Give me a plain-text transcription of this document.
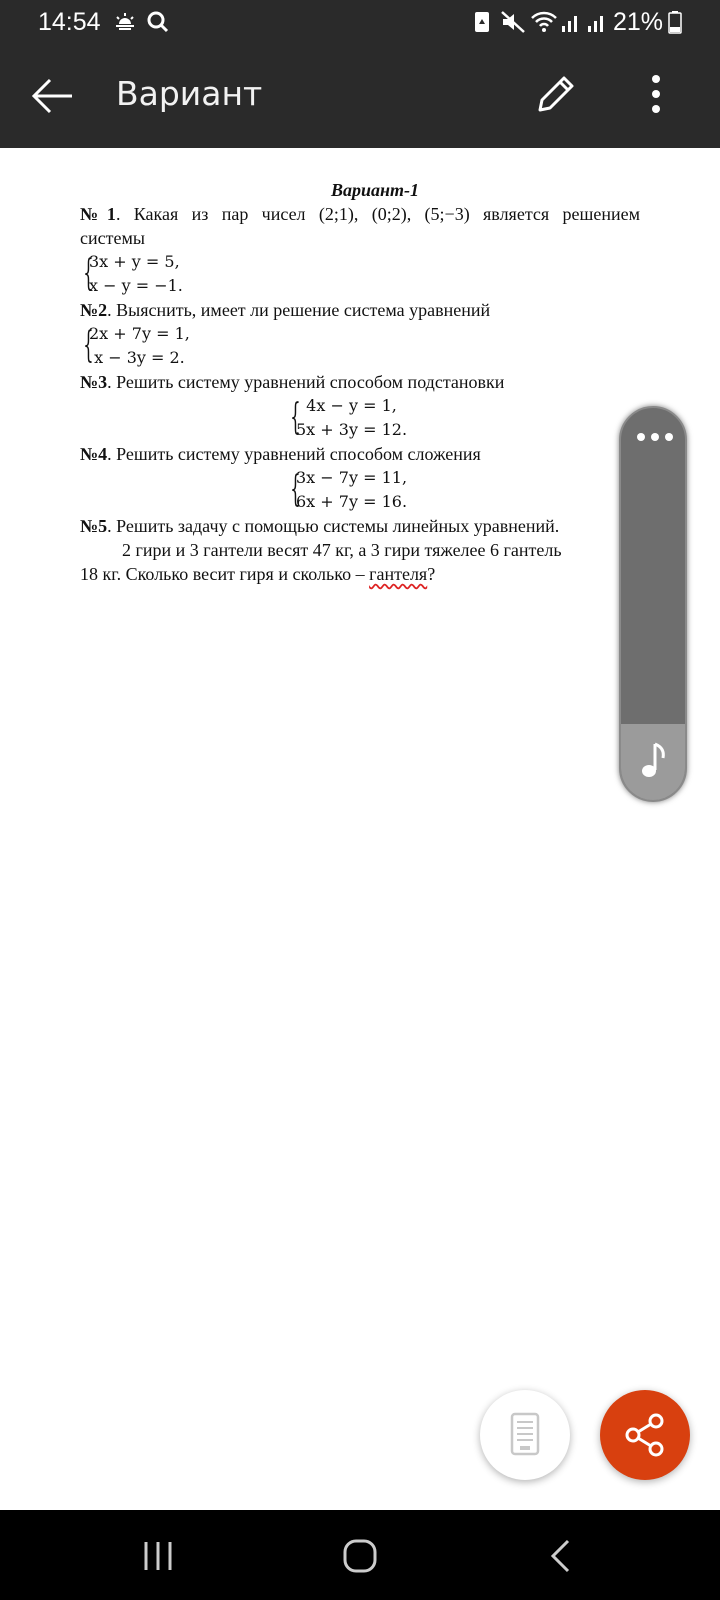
14:54	21%
Вариант
Вариант-1
№1. Какая из пар чисел (2;1), (0;2), (5;−3) является решением
системы
{
3x + y = 5,
x − y = −1.
№2. Выяснить, имеет ли решение система уравнений
{
2x + 7y = 1,
x − 3y = 2.
№3. Решить систему уравнений способом подстановки
{
4x − y = 1,
5x + 3y = 12.
№4. Решить систему уравнений способом сложения
{
3x − 7y = 11,
6x + 7y = 16.
№5. Решить задачу с помощью системы линейных уравнений.
2 гири и 3 гантели весят 47 кг, а 3 гири тяжелее 6 гантель
18 кг. Сколько весит гиря и сколько – гантеля?
